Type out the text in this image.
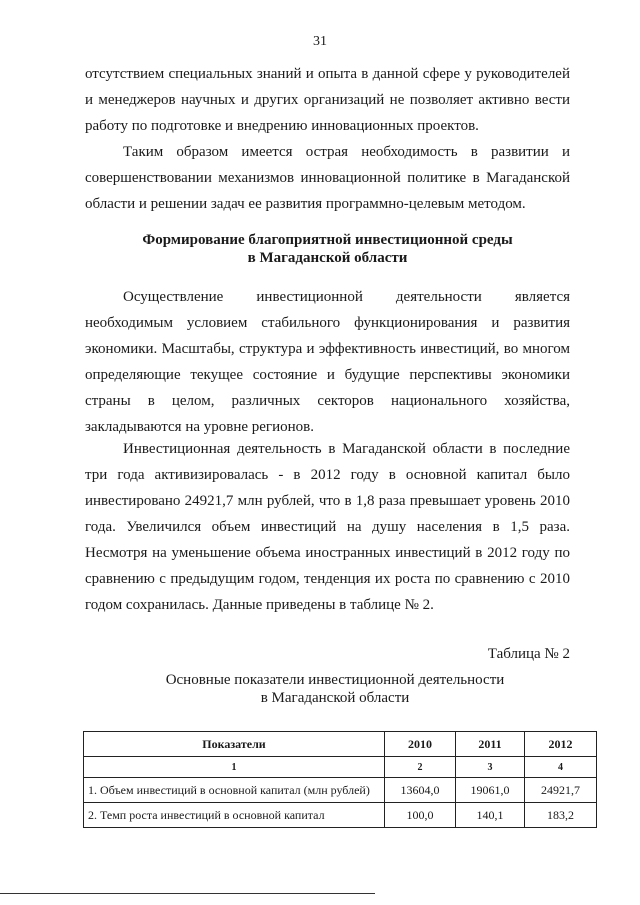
31

отсутствием специальных знаний и опыта в данной сфере у руководителей и менеджеров научных и других организаций не позволяет активно вести работу по подготовке и внедрению инновационных проектов.

Таким образом имеется острая необходимость в развитии и совершенствовании механизмов инновационной политике в Магаданской области и решении задач ее развития программно-целевым методом.

Формирование благоприятной инвестиционной среды
в Магаданской области

Осуществление инвестиционной деятельности является необходимым условием стабильного функционирования и развития экономики. Масштабы, структура и эффективность инвестиций, во многом определяющие текущее состояние и будущие перспективы экономики страны в целом, различных секторов национального хозяйства, закладываются на уровне регионов.

Инвестиционная деятельность в Магаданской области в последние три года активизировалась - в 2012 году в основной капитал было инвестировано 24921,7 млн рублей, что в 1,8 раза превышает уровень 2010 года. Увеличился объем инвестиций на душу населения в 1,5 раза. Несмотря на уменьшение объема иностранных инвестиций в 2012 году по сравнению с предыдущим годом, тенденция их роста по сравнению с 2010 годом сохранилась. Данные приведены в таблице № 2.

Таблица № 2
Основные показатели инвестиционной деятельности
в Магаданской области
Показатели	2010	2011	2012
1	2	3	4
1. Объем инвестиций в основной капитал (млн рублей)	13604,0	19061,0	24921,7
2. Темп роста инвестиций в основной капитал	100,0	140,1	183,2
